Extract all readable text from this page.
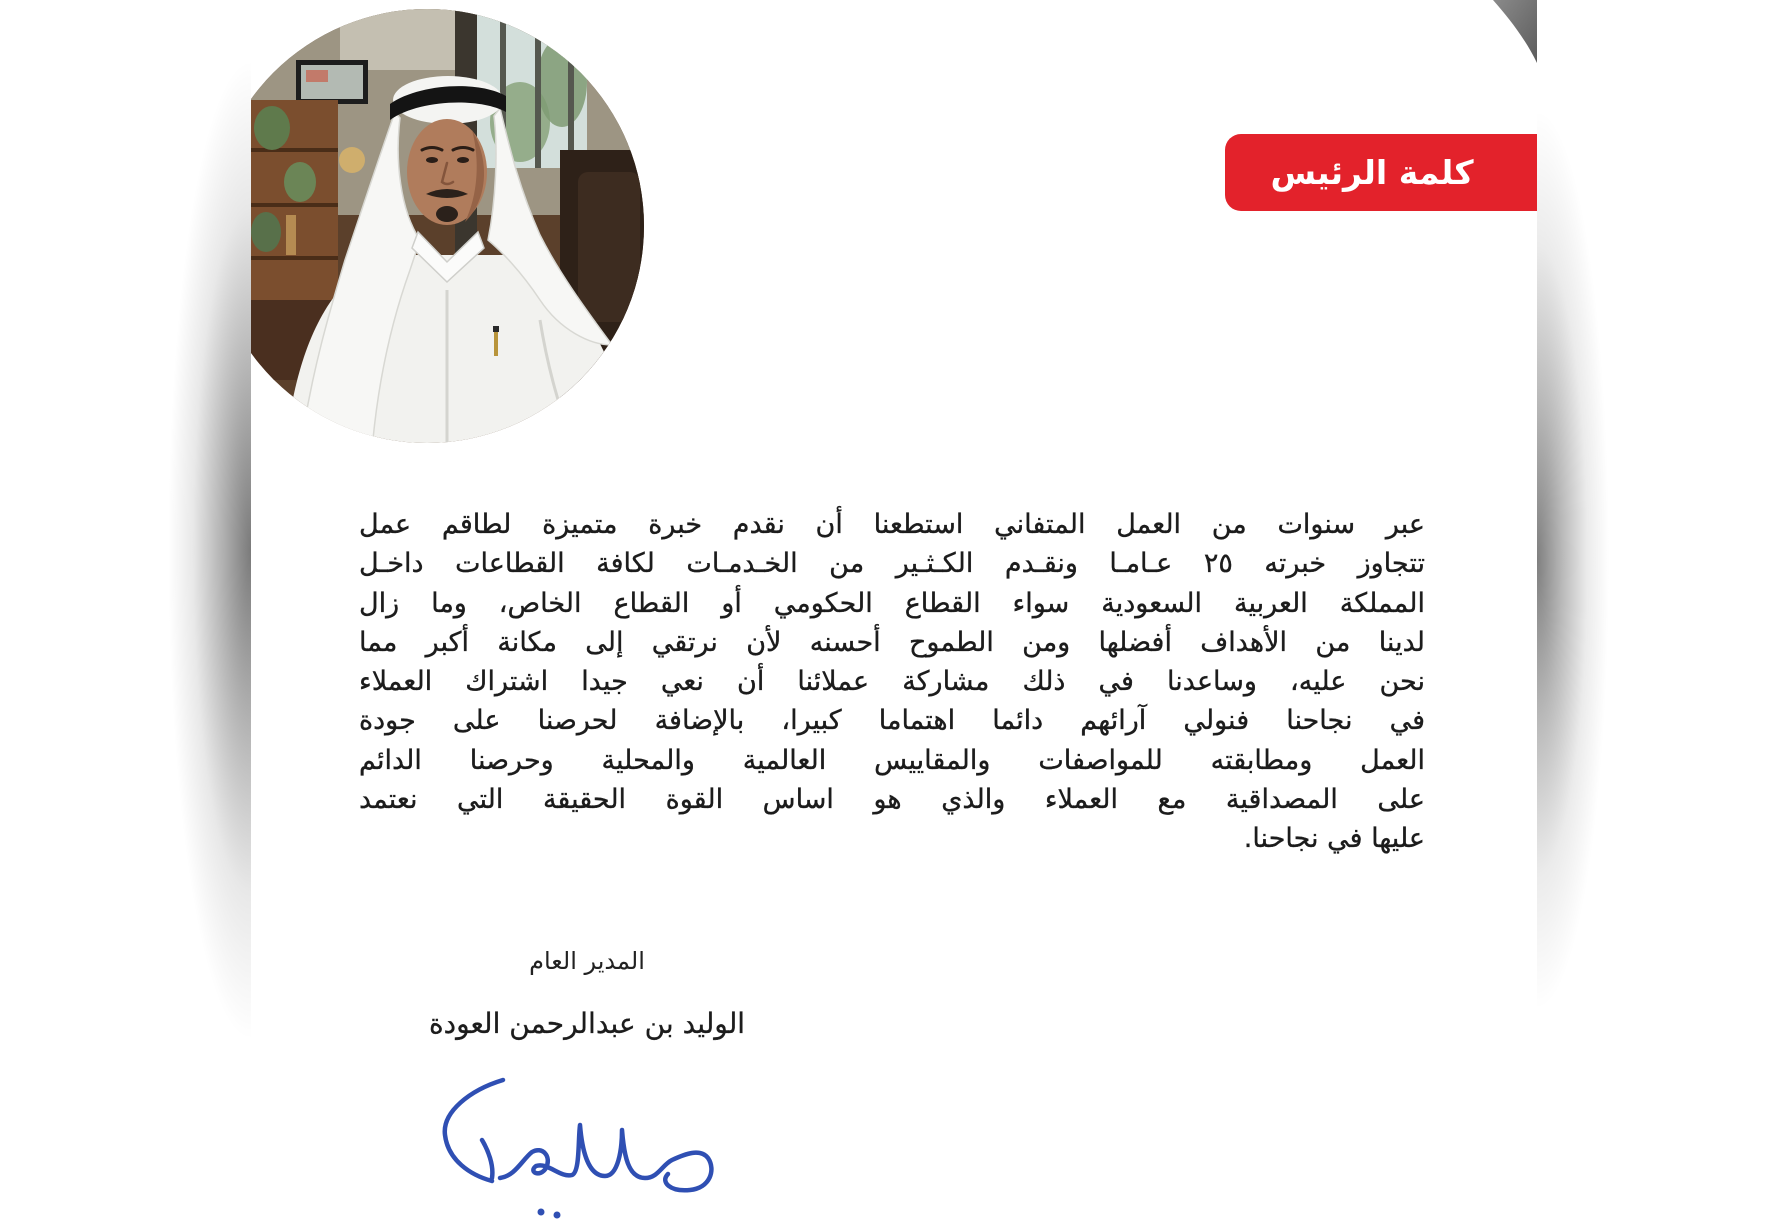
كلمة الرئيس
عبر سنوات من العمل المتفاني استطعنا أن نقدم خبرة متميزة لطاقم عمل
تتجاوز خبرته ٢٥ عـامـا ونقـدم الكـثـير من الخـدمـات لكافة القطاعات داخـل
المملكة العربية السعودية سواء القطاع الحكومي أو القطاع الخاص، وما زال
لدينا من الأهداف أفضلها ومن الطموح أحسنه لأن نرتقي إلى مكانة أكبر مما
نحن عليه، وساعدنا في ذلك مشاركة عملائنا أن نعي جيدا اشتراك العملاء
في نجاحنا فنولي آرائهم دائما اهتماما كبيرا، بالإضافة لحرصنا على جودة
العمل ومطابقته للمواصفات والمقاييس العالمية والمحلية وحرصنا الدائم
على المصداقية مع العملاء والذي هو اساس القوة الحقيقة التي نعتمد
عليها في نجاحنا.
المدير العام
الوليد بن عبدالرحمن العودة
